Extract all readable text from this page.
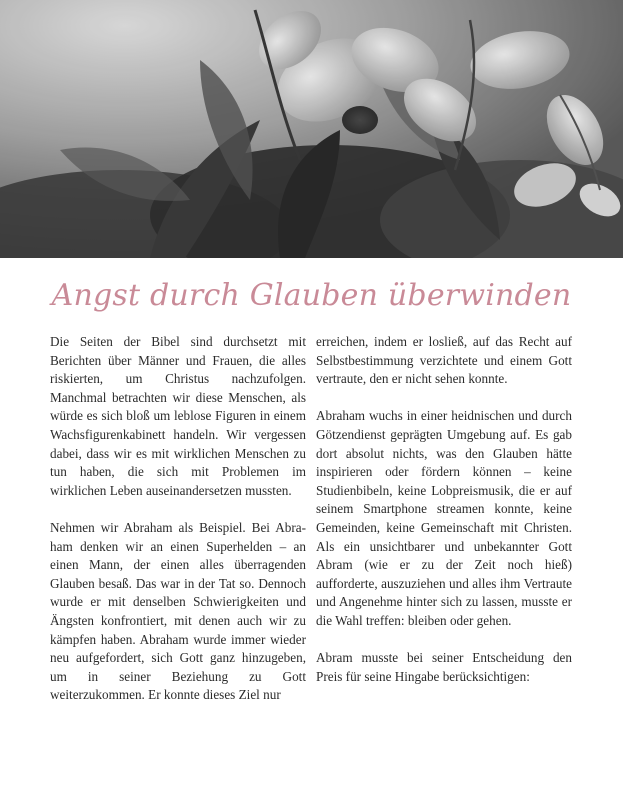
Angst durch Glauben überwinden

Die Seiten der Bibel sind durchsetzt mit Berichten über Männer und Frauen, die alles riskierten, um Christus nachzufolgen. Manchmal betrachten wir diese Menschen, als würde es sich bloß um leblose Figuren in einem Wachsfigurenkabinett handeln. Wir vergessen dabei, dass wir es mit wirklichen Menschen zu tun haben, die sich mit Problemen im wirklichen Leben auseinandersetzen mussten.

Nehmen wir Abraham als Beispiel. Bei Abraham denken wir an einen Superhelden – an einen Mann, der einen alles überragenden Glauben besaß. Das war in der Tat so. Dennoch wurde er mit denselben Schwierigkeiten und Ängsten konfrontiert, mit denen auch wir zu kämpfen haben. Abraham wurde immer wieder neu aufgefordert, sich Gott ganz hinzugeben, um in seiner Beziehung zu Gott weiterzukommen. Er konnte dieses Ziel nur

erreichen, indem er losließ, auf das Recht auf Selbstbestimmung verzichtete und einem Gott vertraute, den er nicht sehen konnte.

Abraham wuchs in einer heidnischen und durch Götzendienst geprägten Umgebung auf. Es gab dort absolut nichts, was den Glauben hätte inspirieren oder fördern können – keine Studienbibeln, keine Lobpreismusik, die er auf seinem Smartphone streamen konnte, keine Gemeinden, keine Gemeinschaft mit Christen. Als ein unsichtbarer und unbekannter Gott Abram (wie er zu der Zeit noch hieß) aufforderte, auszuziehen und alles ihm Vertraute und Angenehme hinter sich zu lassen, musste er die Wahl treffen: bleiben oder gehen.

Abram musste bei seiner Entscheidung den Preis für seine Hingabe berücksichtigen:
